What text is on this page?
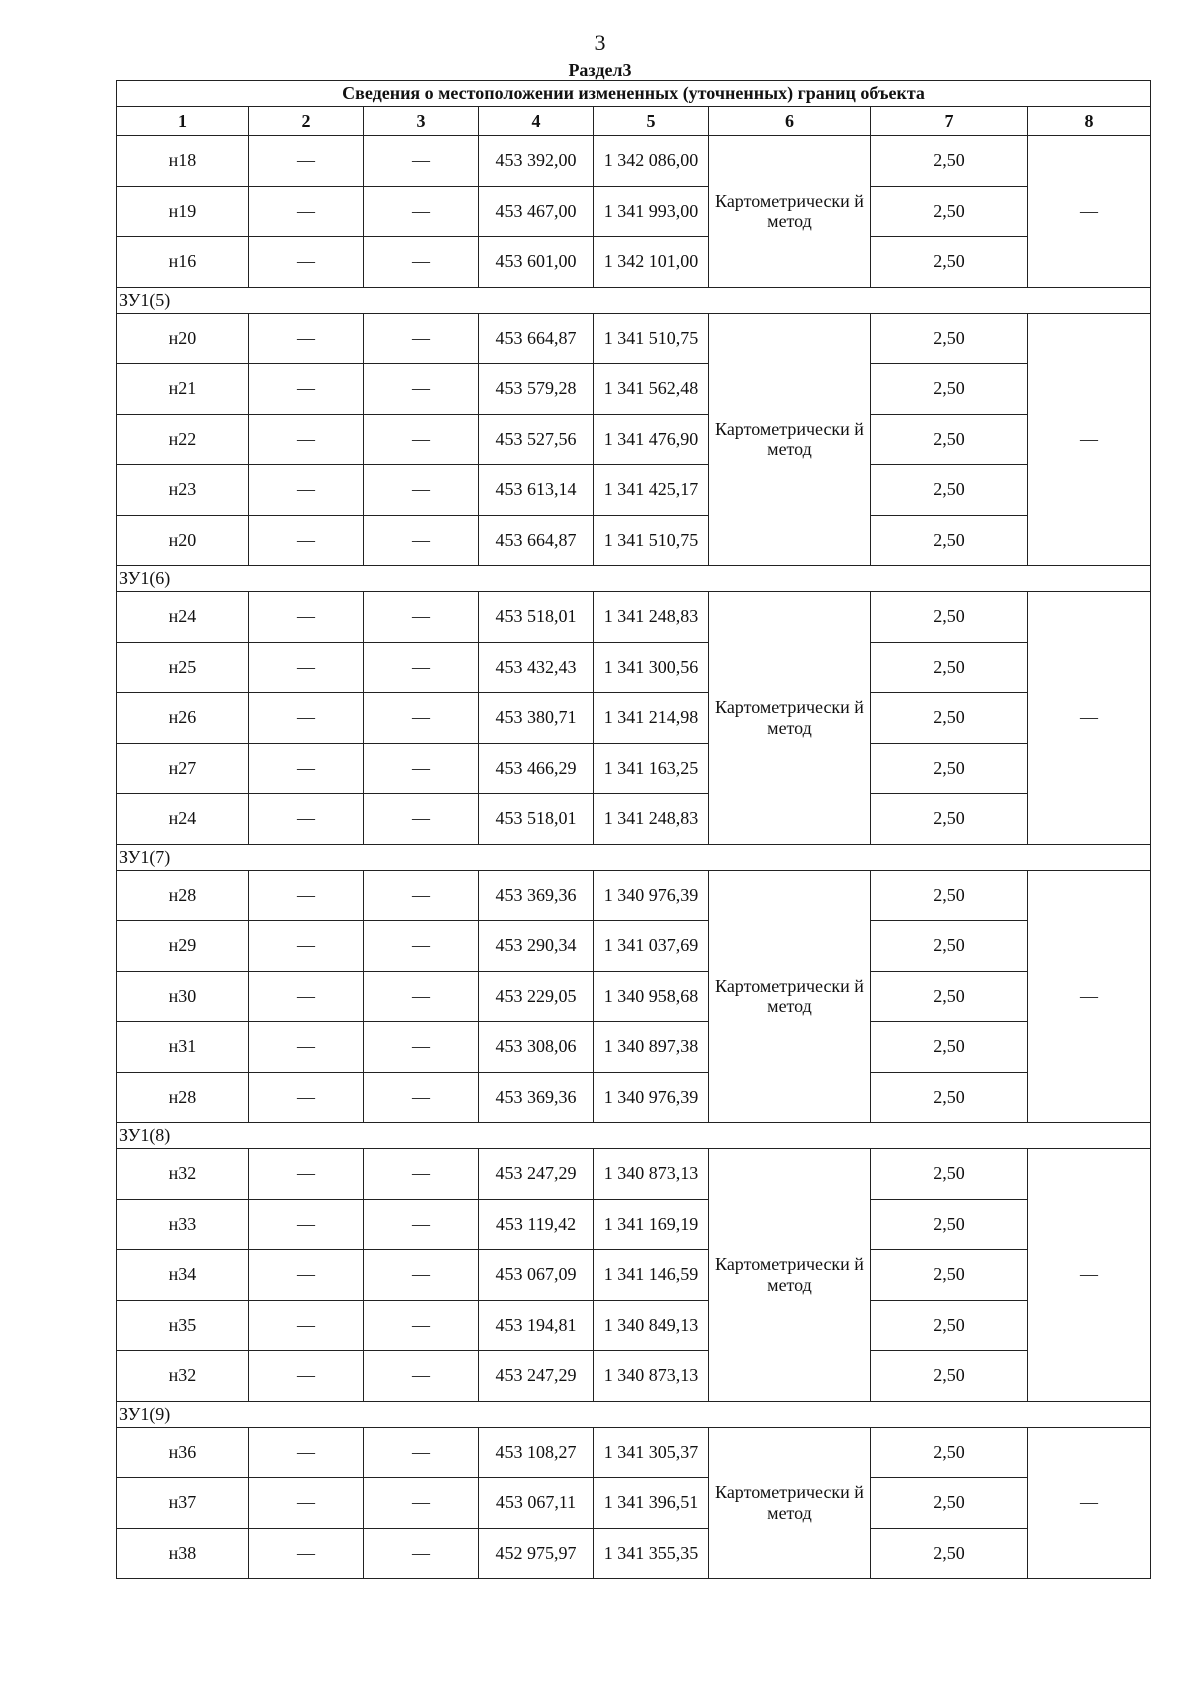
3
Раздел3
Сведения о местоположении измененных (уточненных) границ объекта							
1	2	3	4	5	6	7	8
н18	—	—	453 392,00	1 342 086,00	Картометрически й метод	2,50	—
н19	—	—	453 467,00	1 341 993,00		2,50	
н16	—	—	453 601,00	1 342 101,00		2,50	
ЗУ1(5)							
н20	—	—	453 664,87	1 341 510,75	Картометрически й метод	2,50	—
н21	—	—	453 579,28	1 341 562,48		2,50	
н22	—	—	453 527,56	1 341 476,90		2,50	
н23	—	—	453 613,14	1 341 425,17		2,50	
н20	—	—	453 664,87	1 341 510,75		2,50	
ЗУ1(6)							
н24	—	—	453 518,01	1 341 248,83	Картометрически й метод	2,50	—
н25	—	—	453 432,43	1 341 300,56		2,50	
н26	—	—	453 380,71	1 341 214,98		2,50	
н27	—	—	453 466,29	1 341 163,25		2,50	
н24	—	—	453 518,01	1 341 248,83		2,50	
ЗУ1(7)							
н28	—	—	453 369,36	1 340 976,39	Картометрически й метод	2,50	—
н29	—	—	453 290,34	1 341 037,69		2,50	
н30	—	—	453 229,05	1 340 958,68		2,50	
н31	—	—	453 308,06	1 340 897,38		2,50	
н28	—	—	453 369,36	1 340 976,39		2,50	
ЗУ1(8)							
н32	—	—	453 247,29	1 340 873,13	Картометрически й метод	2,50	—
н33	—	—	453 119,42	1 341 169,19		2,50	
н34	—	—	453 067,09	1 341 146,59		2,50	
н35	—	—	453 194,81	1 340 849,13		2,50	
н32	—	—	453 247,29	1 340 873,13		2,50	
ЗУ1(9)							
н36	—	—	453 108,27	1 341 305,37	Картометрически й метод	2,50	—
н37	—	—	453 067,11	1 341 396,51		2,50	
н38	—	—	452 975,97	1 341 355,35		2,50	
